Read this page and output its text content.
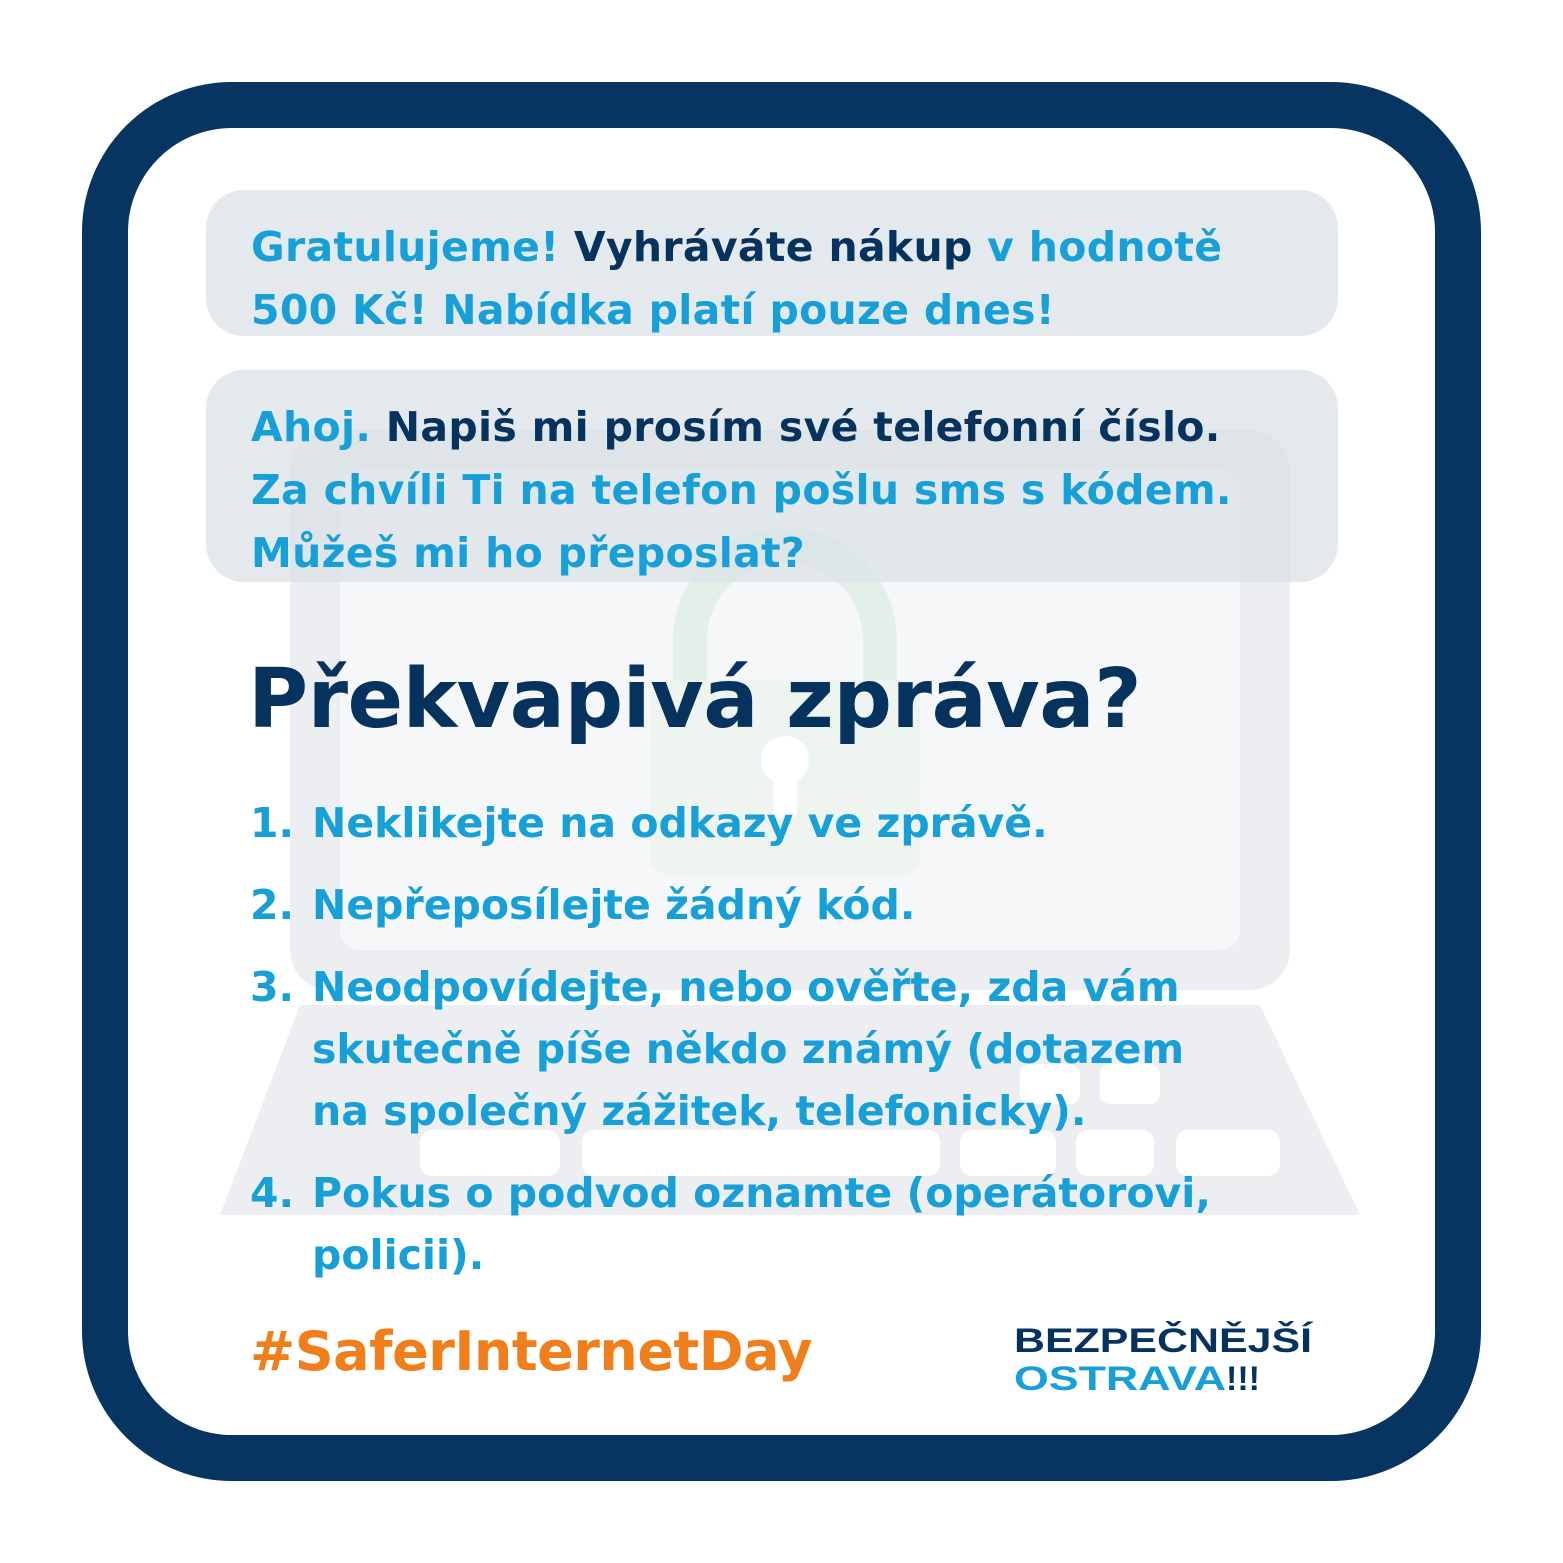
Gratulujeme! Vyhráváte nákup v hodnotě
500 Kč! Nabídka platí pouze dnes!
Ahoj. Napiš mi prosím své telefonní číslo.
Za chvíli Ti na telefon pošlu sms s kódem.
Můžeš mi ho přeposlat?
Překvapivá zpráva?
1. Neklikejte na odkazy ve zprávě.
2. Nepřeposílejte žádný kód.
3. Neodpovídejte, nebo ověřte, zda vám
skutečně píše někdo známý (dotazem
na společný zážitek, telefonicky).
4. Pokus o podvod oznamte (operátorovi,
policii).
#SaferInternetDay	BEZPEČNĚJŠÍ
OSTRAVA !!!
